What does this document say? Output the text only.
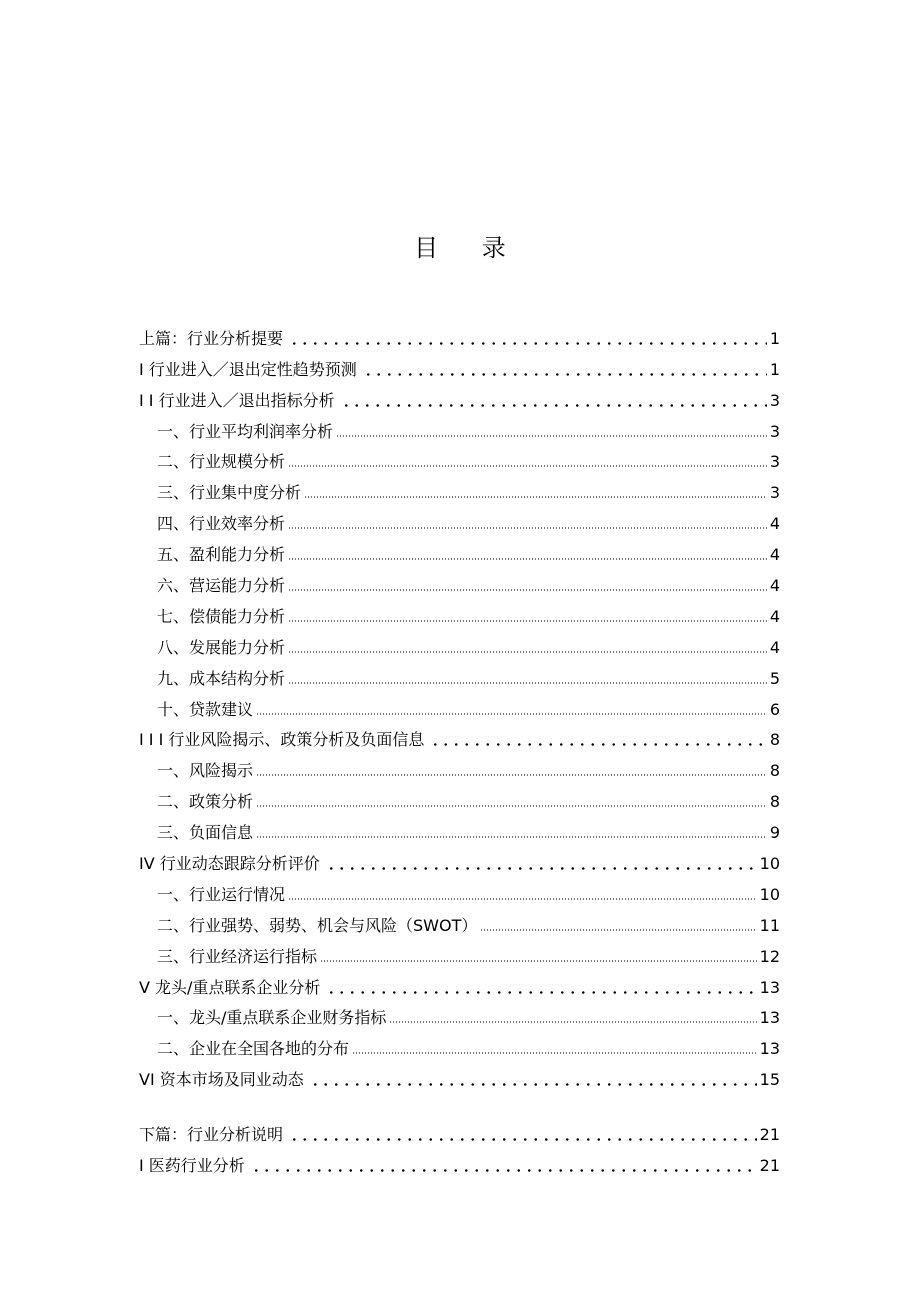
目 录
上篇：行业分析提要	1
I 行业进入／退出定性趋势预测	1
I I 行业进入／退出指标分析	3
一、行业平均利润率分析	3
二、行业规模分析	3
三、行业集中度分析	3
四、行业效率分析	4
五、盈利能力分析	4
六、营运能力分析	4
七、偿债能力分析	4
八、发展能力分析	4
九、成本结构分析	5
十、贷款建议	6
I I I 行业风险揭示、政策分析及负面信息	8
一、风险揭示	8
二、政策分析	8
三、负面信息	9
IV 行业动态跟踪分析评价	10
一、行业运行情况	10
二、行业强势、弱势、机会与风险（SWOT）	11
三、行业经济运行指标	12
V 龙头/重点联系企业分析	13
一、龙头/重点联系企业财务指标	13
二、企业在全国各地的分布	13
VI 资本市场及同业动态	15
下篇：行业分析说明	21
I 医药行业分析	21
